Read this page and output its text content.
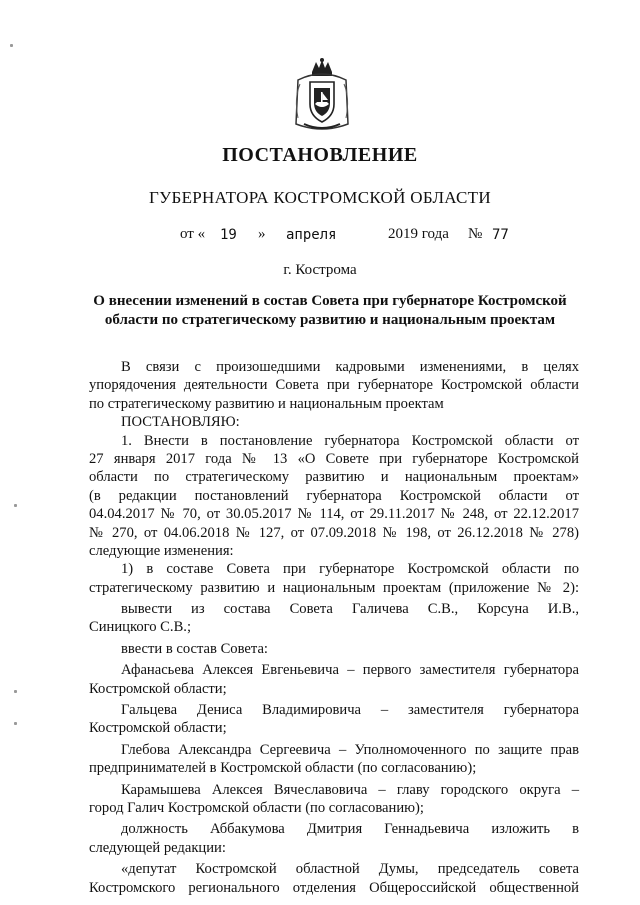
ПОСТАНОВЛЕНИЕ
ГУБЕРНАТОРА КОСТРОМСКОЙ ОБЛАСТИ
от « 19 » апреля	2019 года № 77
г. Кострома
О внесении изменений в состав Совета при губернаторе Костромской
области по стратегическому развитию и национальным проектам
В связи с произошедшими кадровыми изменениями, в целях
упорядочения деятельности Совета при губернаторе Костромской области
по стратегическому развитию и национальным проектам
ПОСТАНОВЛЯЮ:
1. Внести в постановление губернатора Костромской области от
27 января 2017 года № 13 «О Совете при губернаторе Костромской
области по стратегическому развитию и национальным проектам»
(в редакции постановлений губернатора Костромской области от
04.04.2017 № 70, от 30.05.2017 № 114, от 29.11.2017 № 248, от 22.12.2017
№ 270, от 04.06.2018 № 127, от 07.09.2018 № 198, от 26.12.2018 № 278)
следующие изменения:
1) в составе Совета при губернаторе Костромской области по
стратегическому развитию и национальным проектам (приложение № 2):
вывести из состава Совета Галичева С.В., Корсуна И.В.,
Синицкого С.В.;
ввести в состав Совета:
Афанасьева Алексея Евгеньевича – первого заместителя губернатора
Костромской области;
Гальцева Дениса Владимировича – заместителя губернатора
Костромской области;
Глебова Александра Сергеевича – Уполномоченного по защите прав
предпринимателей в Костромской области (по согласованию);
Карамышева Алексея Вячеславовича – главу городского округа –
город Галич Костромской области (по согласованию);
должность Аббакумова Дмитрия Геннадьевича изложить в
следующей редакции:
«депутат Костромской областной Думы, председатель совета
Костромского регионального отделения Общероссийской общественной
